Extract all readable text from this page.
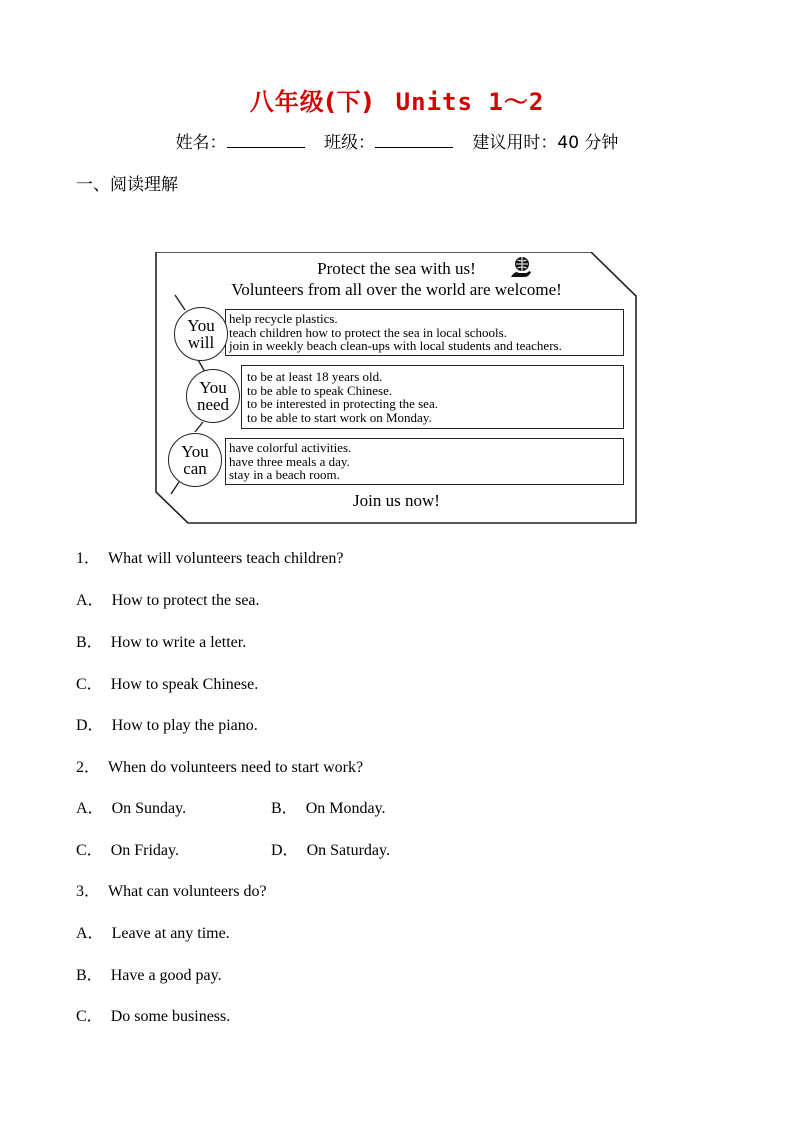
八年级(下) Units 1～2
姓名：	班级：	建议用时：40 分钟
一、阅读理解
Protect the sea with us!
Volunteers from all over the world are welcome!
help recycle plastics.
teach children how to protect the sea in local schools.
join in weekly beach clean-ups with local students and teachers.
You
will
to be at least 18 years old.
to be able to speak Chinese.
to be interested in protecting the sea.
to be able to start work on Monday.
You
need
have colorful activities.
have three meals a day.
stay in a beach room.
You
can
Join us now!
1． What will volunteers teach children?
A． How to protect the sea.
B． How to write a letter.
C． How to speak Chinese.
D． How to play the piano.
2． When do volunteers need to start work?
A． On Sunday.	B． On Monday.
C． On Friday.	D． On Saturday.
3． What can volunteers do?
A． Leave at any time.
B． Have a good pay.
C． Do some business.
